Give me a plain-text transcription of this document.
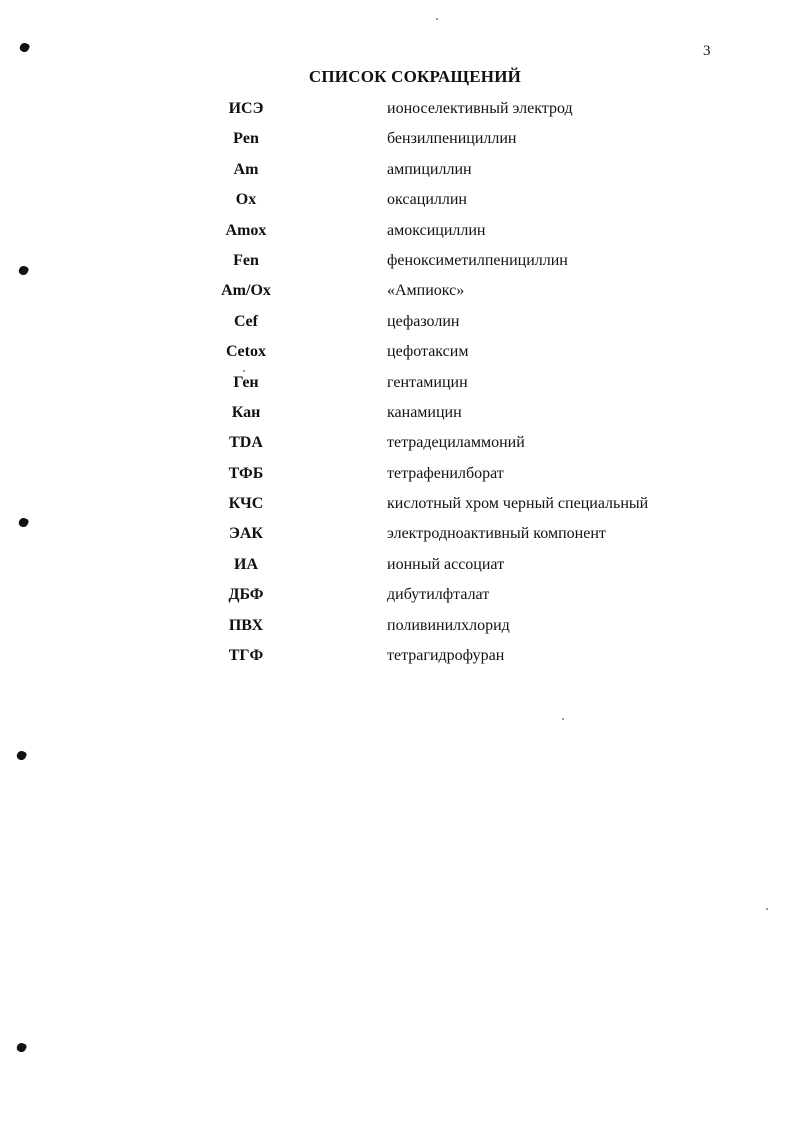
3
СПИСОК СОКРАЩЕНИЙ
ИСЭ	ионоселективный электрод
Pen	бензилпенициллин
Am	ампициллин
Ox	оксациллин
Amox	амоксициллин
Fen	феноксиметилпенициллин
Am/Ox	«Ампиокс»
Cef	цефазолин
Cetox	цефотаксим
Ген	гентамицин
Кан	канамицин
TDA	тетрадециламмоний
ТФБ	тетрафенилборат
КЧС	кислотный хром черный специальный
ЭАК	электродноактивный компонент
ИА	ионный ассоциат
ДБФ	дибутилфталат
ПВХ	поливинилхлорид
ТГФ	тетрагидрофуран
